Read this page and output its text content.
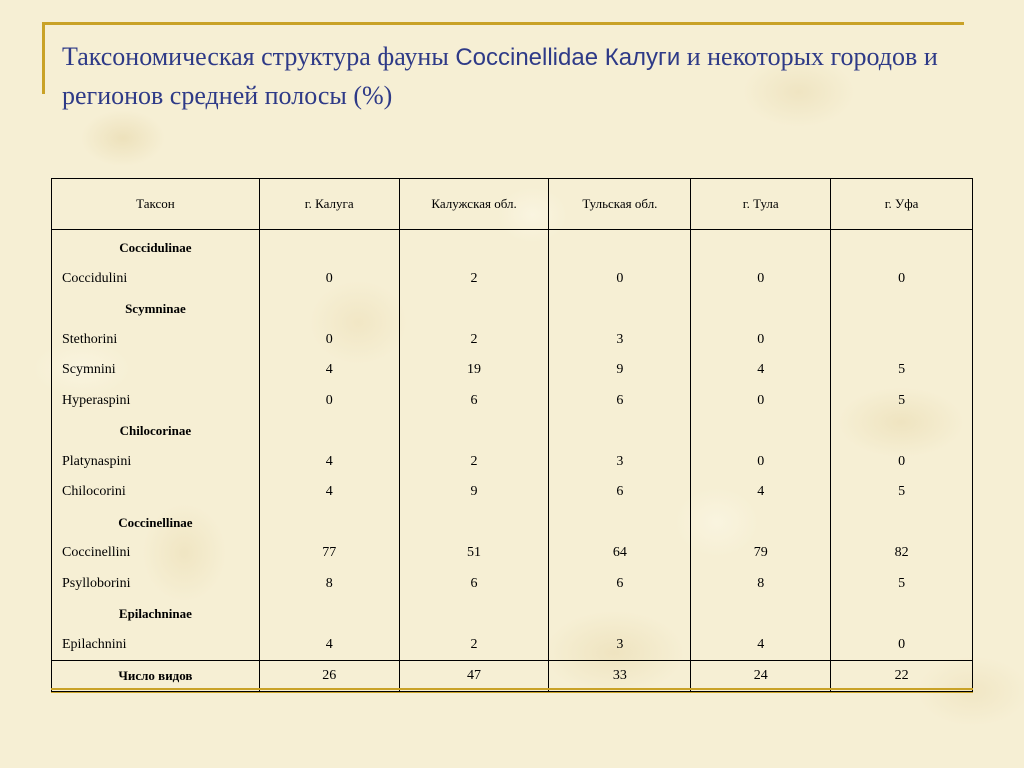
Таксономическая структура фауны Coccinellidae Калуги и некоторых городов и регионов средней полосы (%)
Таксон	г. Калуга	Калужская обл.	Тульская обл.	г. Тула	г. Уфа
Coccidulinae					
Coccidulini	0	2	0	0	0
Scymninae					
Stethorini	0	2	3	0	
Scymnini	4	19	9	4	5
Hyperaspini	0	6	6	0	5
Chilocorinae					
Platynaspini	4	2	3	0	0
Chilocorini	4	9	6	4	5
Coccinellinae					
Coccinellini	77	51	64	79	82
Psylloborini	8	6	6	8	5
Epilachninae					
Epilachnini	4	2	3	4	0
Число видов	26	47	33	24	22
